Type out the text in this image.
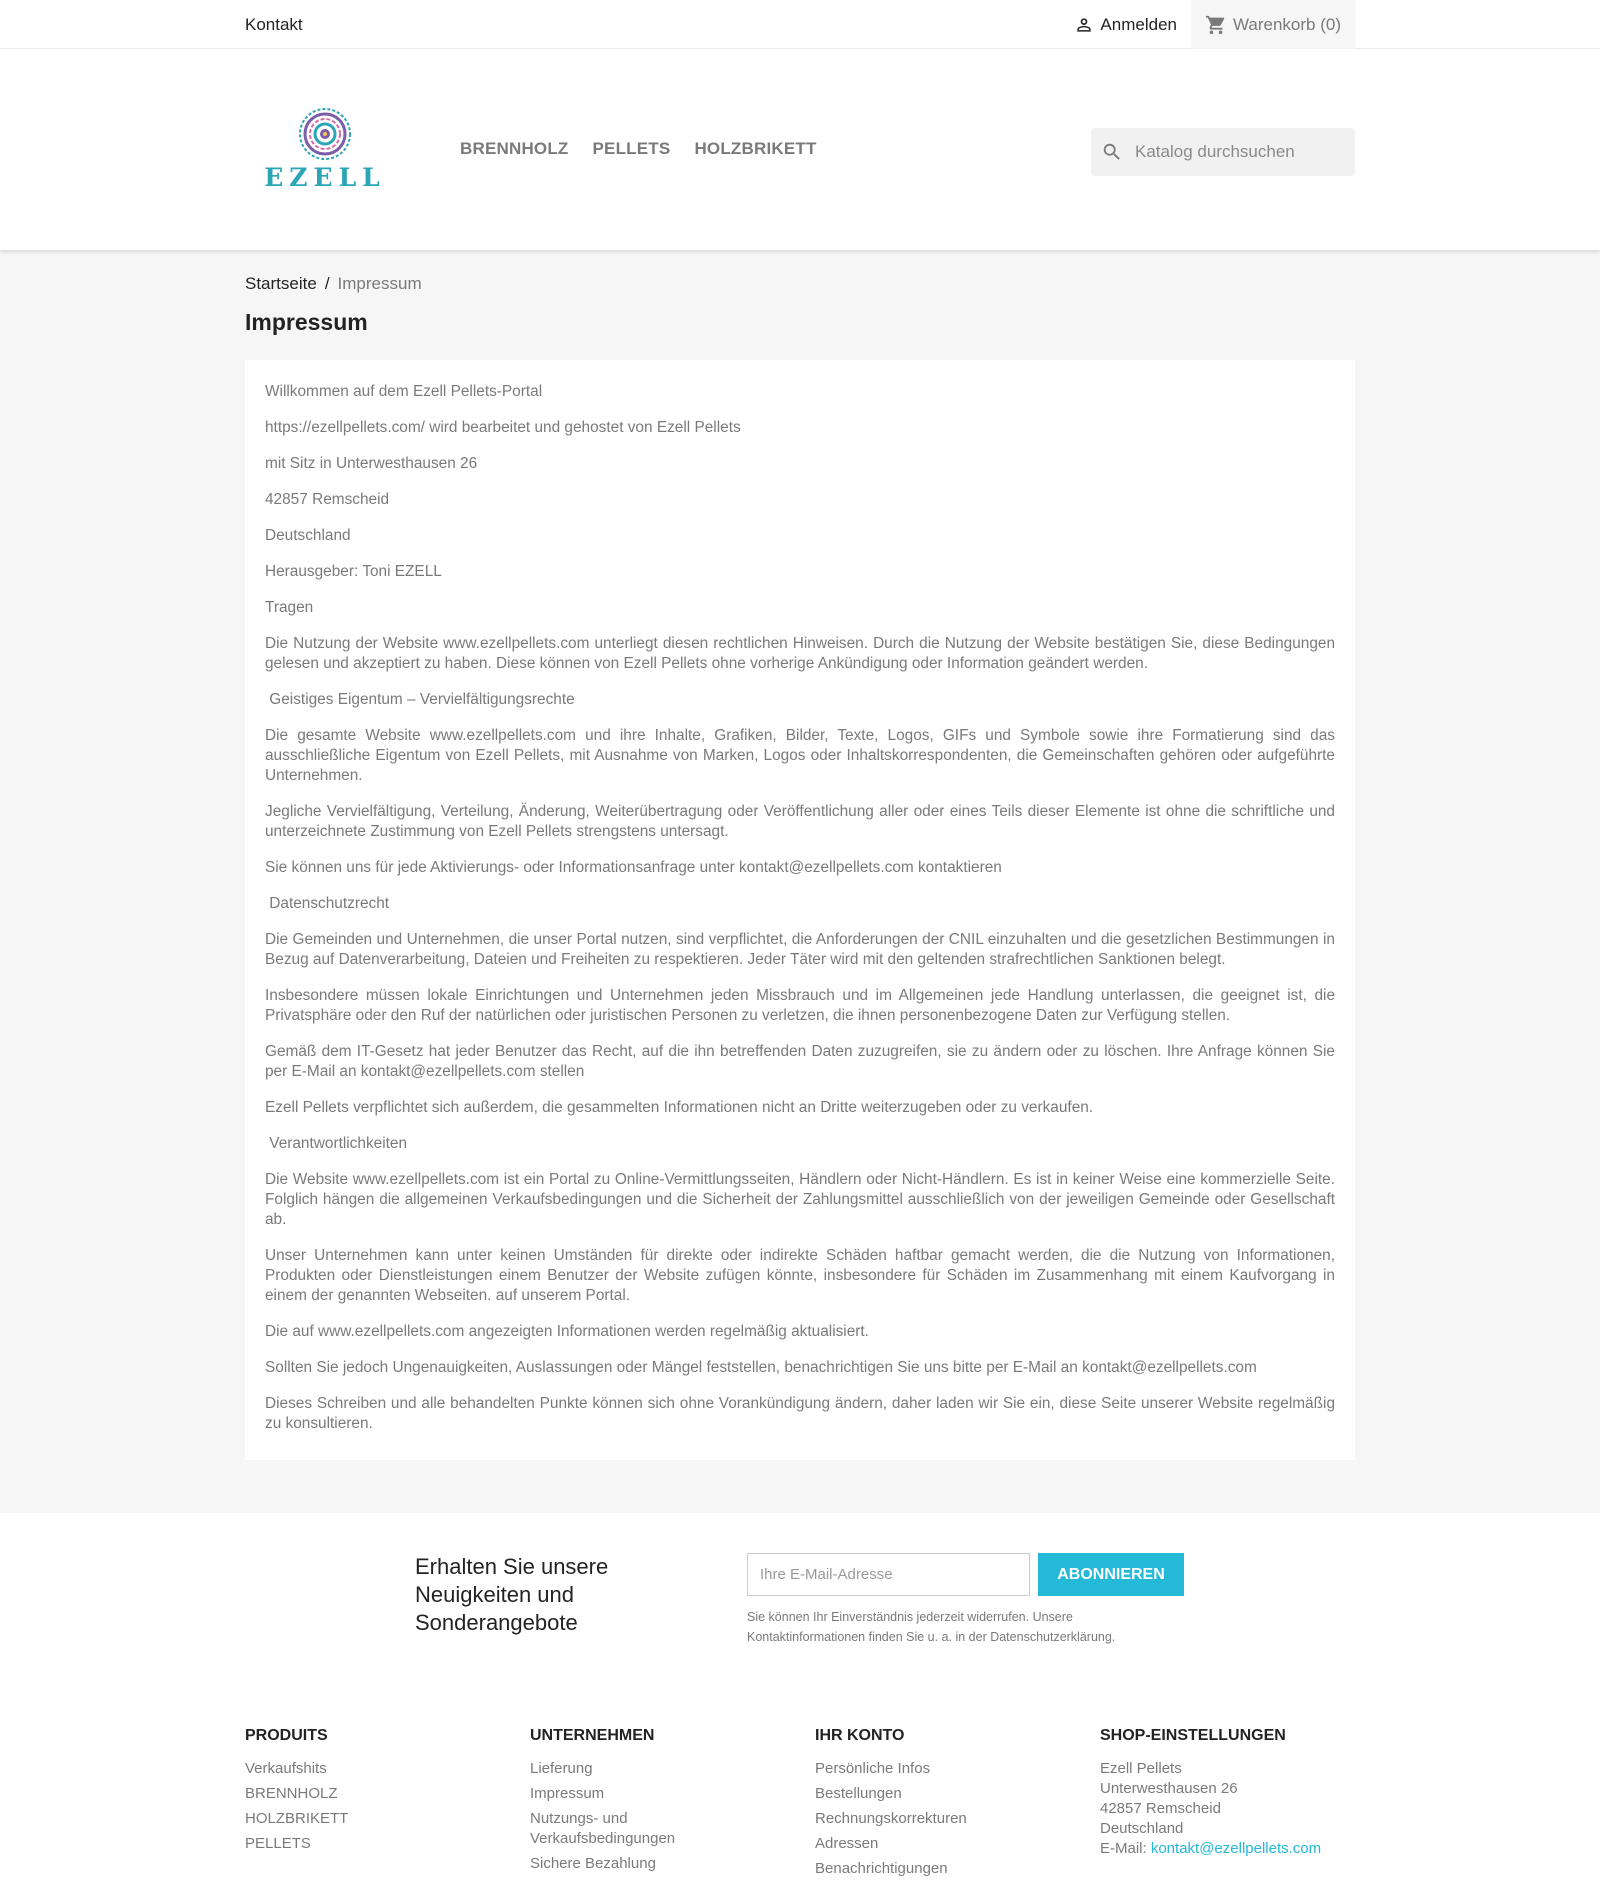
Kontakt	Anmelden	Warenkorb (0)
EZELL
BRENNHOLZ PELLETS HOLZBRIKETT
Katalog durchsuchen
Startseite / Impressum
Impressum

Willkommen auf dem Ezell Pellets-Portal

https://ezellpellets.com/ wird bearbeitet und gehostet von Ezell Pellets

mit Sitz in Unterwesthausen 26

42857 Remscheid

Deutschland

Herausgeber: Toni EZELL

Tragen

Die Nutzung der Website www.ezellpellets.com unterliegt diesen rechtlichen Hinweisen. Durch die Nutzung der Website bestätigen Sie, diese Bedingungen gelesen und akzeptiert zu haben. Diese können von Ezell Pellets ohne vorherige Ankündigung oder Information geändert werden.

Geistiges Eigentum – Vervielfältigungsrechte

Die gesamte Website www.ezellpellets.com und ihre Inhalte, Grafiken, Bilder, Texte, Logos, GIFs und Symbole sowie ihre Formatierung sind das ausschließliche Eigentum von Ezell Pellets, mit Ausnahme von Marken, Logos oder Inhaltskorrespondenten, die Gemeinschaften gehören oder aufgeführte Unternehmen.

Jegliche Vervielfältigung, Verteilung, Änderung, Weiterübertragung oder Veröffentlichung aller oder eines Teils dieser Elemente ist ohne die schriftliche und unterzeichnete Zustimmung von Ezell Pellets strengstens untersagt.

Sie können uns für jede Aktivierungs- oder Informationsanfrage unter kontakt@ezellpellets.com kontaktieren

Datenschutzrecht

Die Gemeinden und Unternehmen, die unser Portal nutzen, sind verpflichtet, die Anforderungen der CNIL einzuhalten und die gesetzlichen Bestimmungen in Bezug auf Datenverarbeitung, Dateien und Freiheiten zu respektieren. Jeder Täter wird mit den geltenden strafrechtlichen Sanktionen belegt.

Insbesondere müssen lokale Einrichtungen und Unternehmen jeden Missbrauch und im Allgemeinen jede Handlung unterlassen, die geeignet ist, die Privatsphäre oder den Ruf der natürlichen oder juristischen Personen zu verletzen, die ihnen personenbezogene Daten zur Verfügung stellen.

Gemäß dem IT-Gesetz hat jeder Benutzer das Recht, auf die ihn betreffenden Daten zuzugreifen, sie zu ändern oder zu löschen. Ihre Anfrage können Sie per E-Mail an kontakt@ezellpellets.com stellen

Ezell Pellets verpflichtet sich außerdem, die gesammelten Informationen nicht an Dritte weiterzugeben oder zu verkaufen.

Verantwortlichkeiten

Die Website www.ezellpellets.com ist ein Portal zu Online-Vermittlungsseiten, Händlern oder Nicht-Händlern. Es ist in keiner Weise eine kommerzielle Seite. Folglich hängen die allgemeinen Verkaufsbedingungen und die Sicherheit der Zahlungsmittel ausschließlich von der jeweiligen Gemeinde oder Gesellschaft ab.

Unser Unternehmen kann unter keinen Umständen für direkte oder indirekte Schäden haftbar gemacht werden, die die Nutzung von Informationen, Produkten oder Dienstleistungen einem Benutzer der Website zufügen könnte, insbesondere für Schäden im Zusammenhang mit einem Kaufvorgang in einem der genannten Webseiten. auf unserem Portal.

Die auf www.ezellpellets.com angezeigten Informationen werden regelmäßig aktualisiert.

Sollten Sie jedoch Ungenauigkeiten, Auslassungen oder Mängel feststellen, benachrichtigen Sie uns bitte per E-Mail an kontakt@ezellpellets.com

Dieses Schreiben und alle behandelten Punkte können sich ohne Vorankündigung ändern, daher laden wir Sie ein, diese Seite unserer Website regelmäßig zu konsultieren.

Erhalten Sie unsere Neuigkeiten und Sonderangebote
Ihre E-Mail-Adresse
ABONNIEREN
Sie können Ihr Einverständnis jederzeit widerrufen. Unsere Kontaktinformationen finden Sie u. a. in der Datenschutzerklärung.
PRODUITS
Verkaufshits
BRENNHOLZ
HOLZBRIKETT
PELLETS
UNTERNEHMEN
Lieferung
Impressum
Nutzungs- und Verkaufsbedingungen
Sichere Bezahlung
IHR KONTO
Persönliche Infos
Bestellungen
Rechnungskorrekturen
Adressen
Benachrichtigungen
SHOP-EINSTELLUNGEN
Ezell Pellets
Unterwesthausen 26
42857 Remscheid
Deutschland
E-Mail: kontakt@ezellpellets.com
